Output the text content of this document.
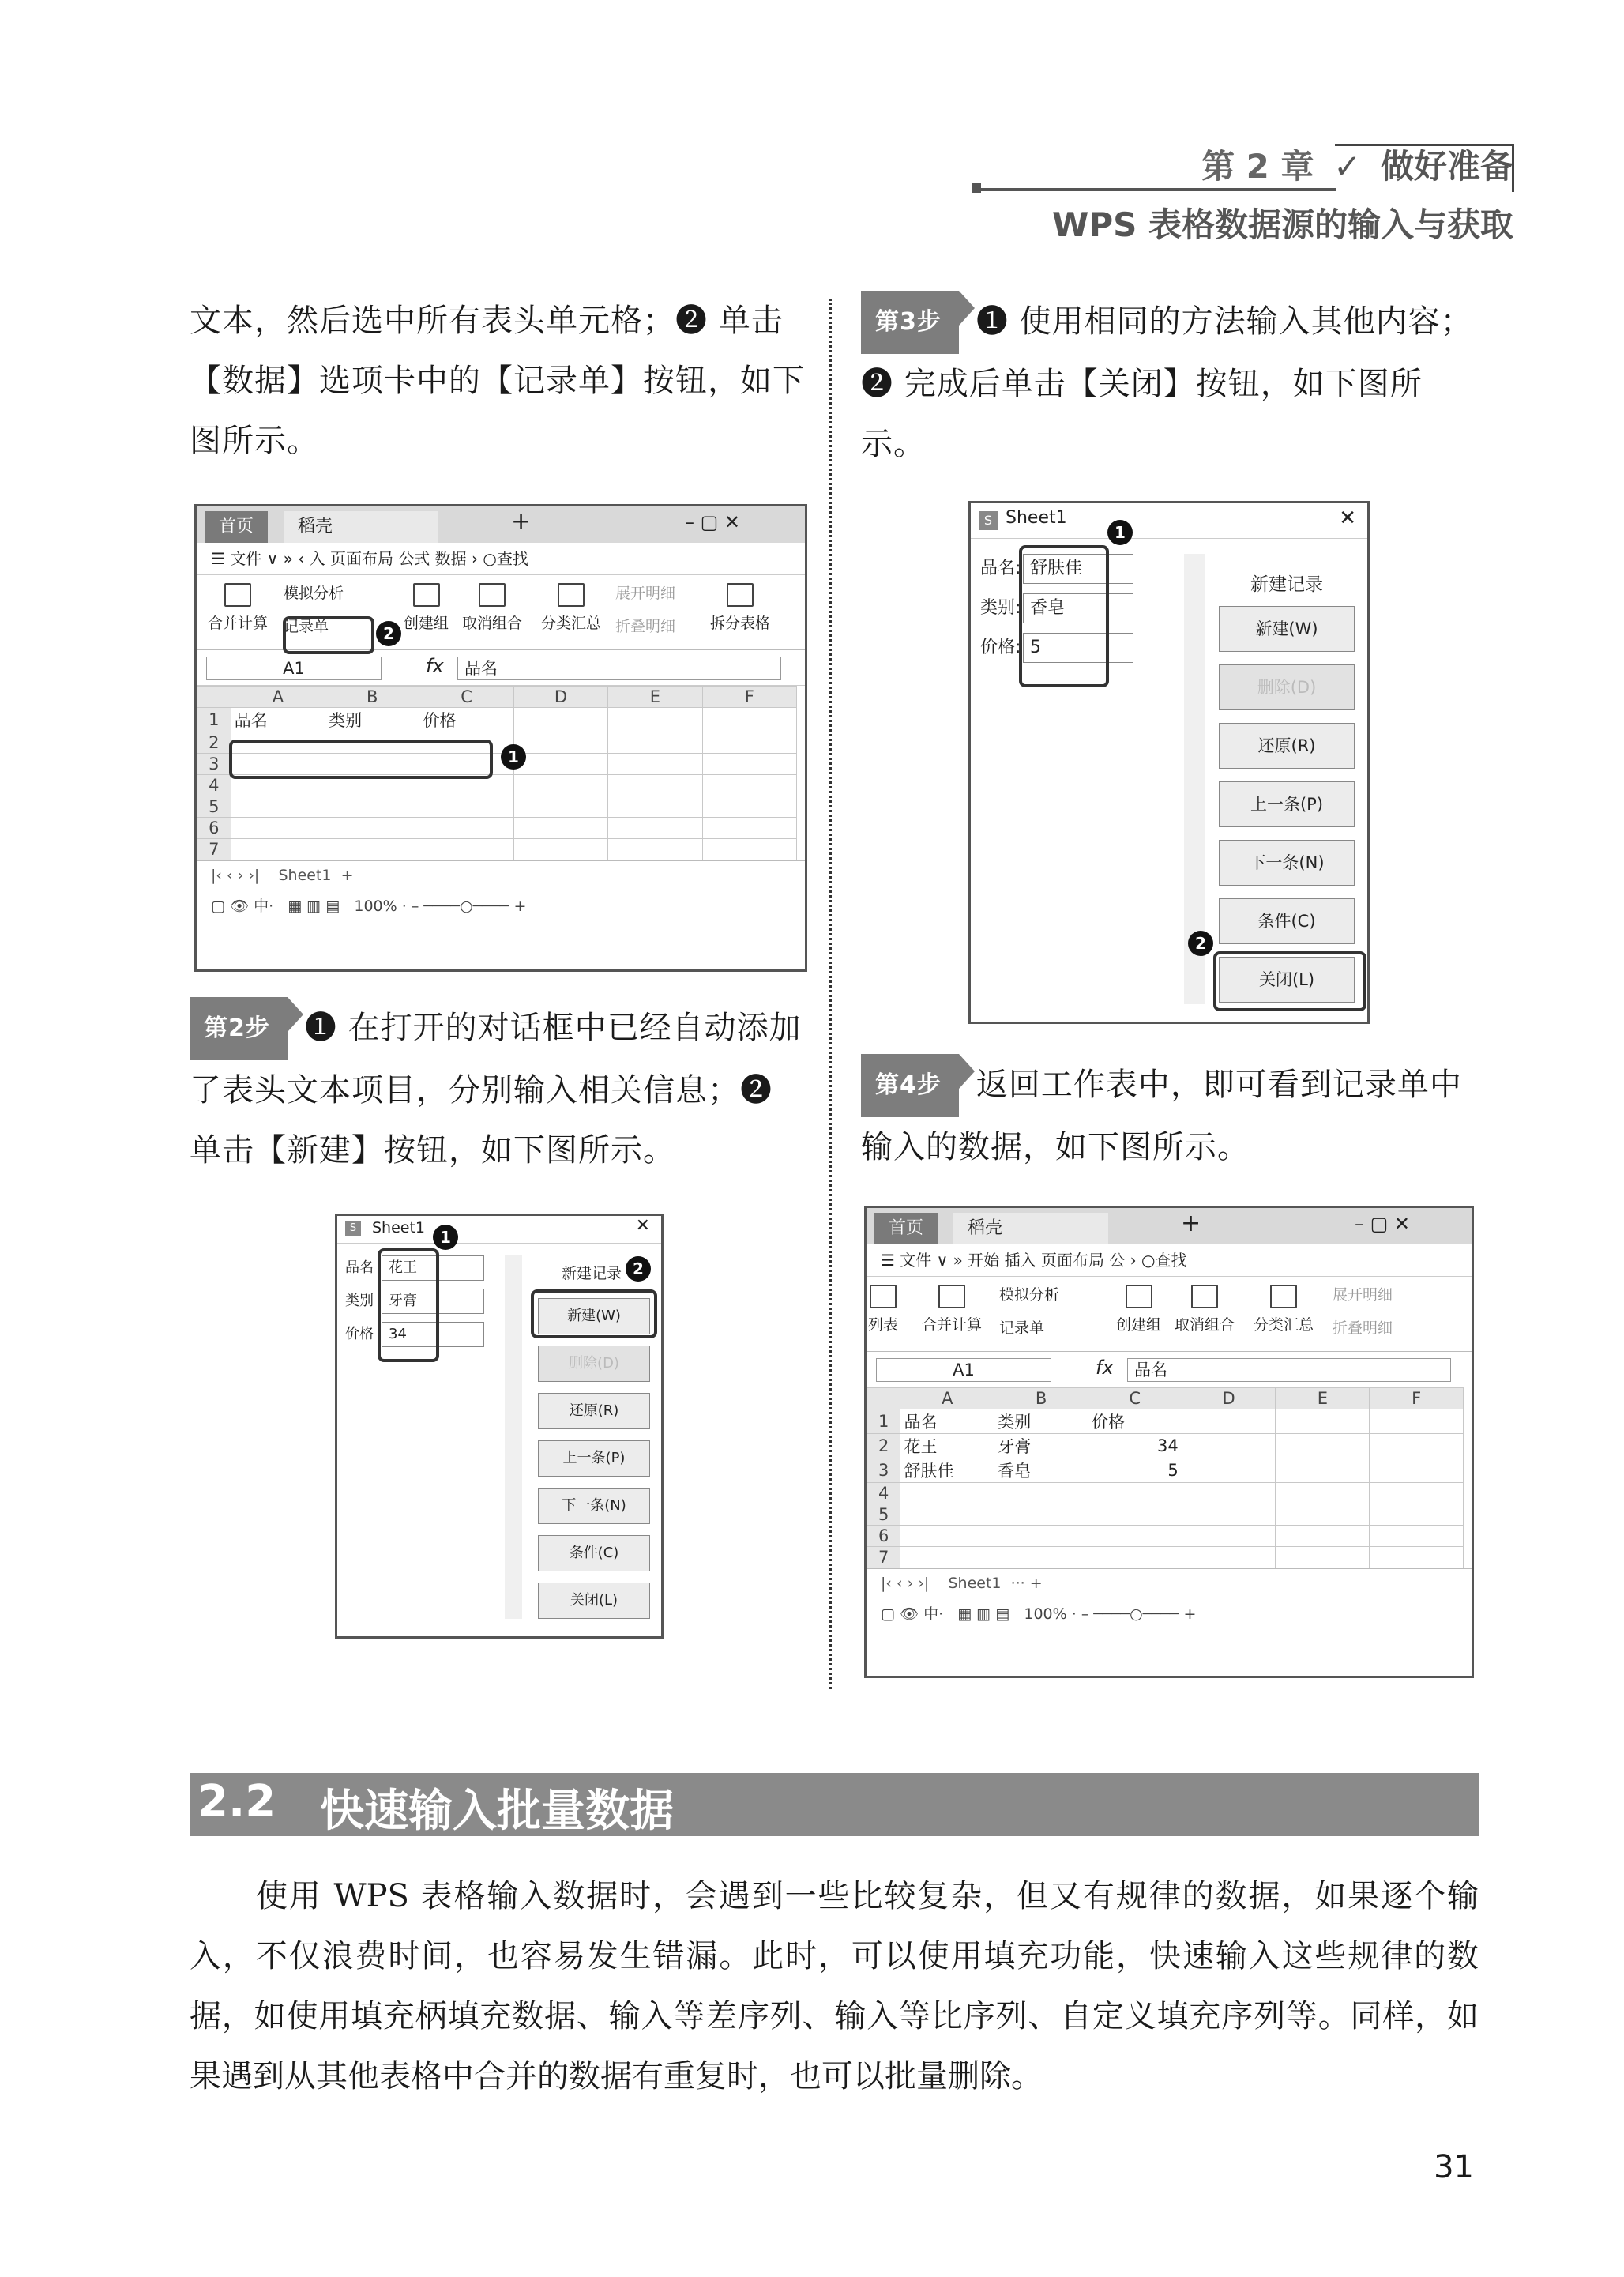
第 2 章 ✓ 做好准备
WPS 表格数据源的输入与获取
文本，然后选中所有表头单元格；❷ 单击【数据】选项卡中的【记录单】按钮，如下图所示。
首页	稻壳	+	– ▢ ✕
☰ 文件 ∨ » ‹ 入 页面布局 公式 数据 › ○查找
合并计算
模拟分析
记录单	创建组 取消组合 分类汇总
展开明细
折叠明细 拆分表格
A1	fx	品名
	A	B	C	D	E	F
1	品名	类别	价格			
2						
3						
4						
5						
6						
7						
|‹ ‹ › ›|    Sheet1  +
▢ 👁 中·   ▦ ▥ ▤   100% · – ────○──── +
2
1
第2步 ❶ 在打开的对话框中已经自动添加了表头文本项目，分别输入相关信息；❷ 单击【新建】按钮，如下图所示。
S	Sheet1	✕
品名 花王
类别 牙膏
价格 34
新建记录
新建(W)
删除(D)
还原(R)
上一条(P)
下一条(N)
条件(C)
关闭(L)
1
2
第3步 ❶ 使用相同的方法输入其他内容；❷ 完成后单击【关闭】按钮，如下图所示。
S Sheet1	✕
品名: 舒肤佳
类别: 香皂
价格: 5
新建记录
新建(W)
删除(D)
还原(R)
上一条(P)
下一条(N)
条件(C)
关闭(L)
1
2
第4步 返回工作表中，即可看到记录单中输入的数据，如下图所示。
首页	稻壳	+	– ▢ ✕
☰ 文件 ∨ » 开始 插入 页面布局 公 › ○查找
列表 合并计算
模拟分析
记录单	创建组 取消组合 分类汇总
展开明细
折叠明细
A1	fx	品名
	A	B	C	D	E	F
1	品名	类别	价格			
2	花王	牙膏	34			
3	舒肤佳	香皂	5			
4						
5						
6						
7						
|‹ ‹ › ›|    Sheet1  ··· +
▢ 👁 中·   ▦ ▥ ▤   100% · – ────○──── +
2.2 快速输入批量数据
使用 WPS 表格输入数据时，会遇到一些比较复杂，但又有规律的数据，如果逐个输入，不仅浪费时间，也容易发生错漏。此时，可以使用填充功能，快速输入这些规律的数据，如使用填充柄填充数据、输入等差序列、输入等比序列、自定义填充序列等。同样，如果遇到从其他表格中合并的数据有重复时，也可以批量删除。
31
